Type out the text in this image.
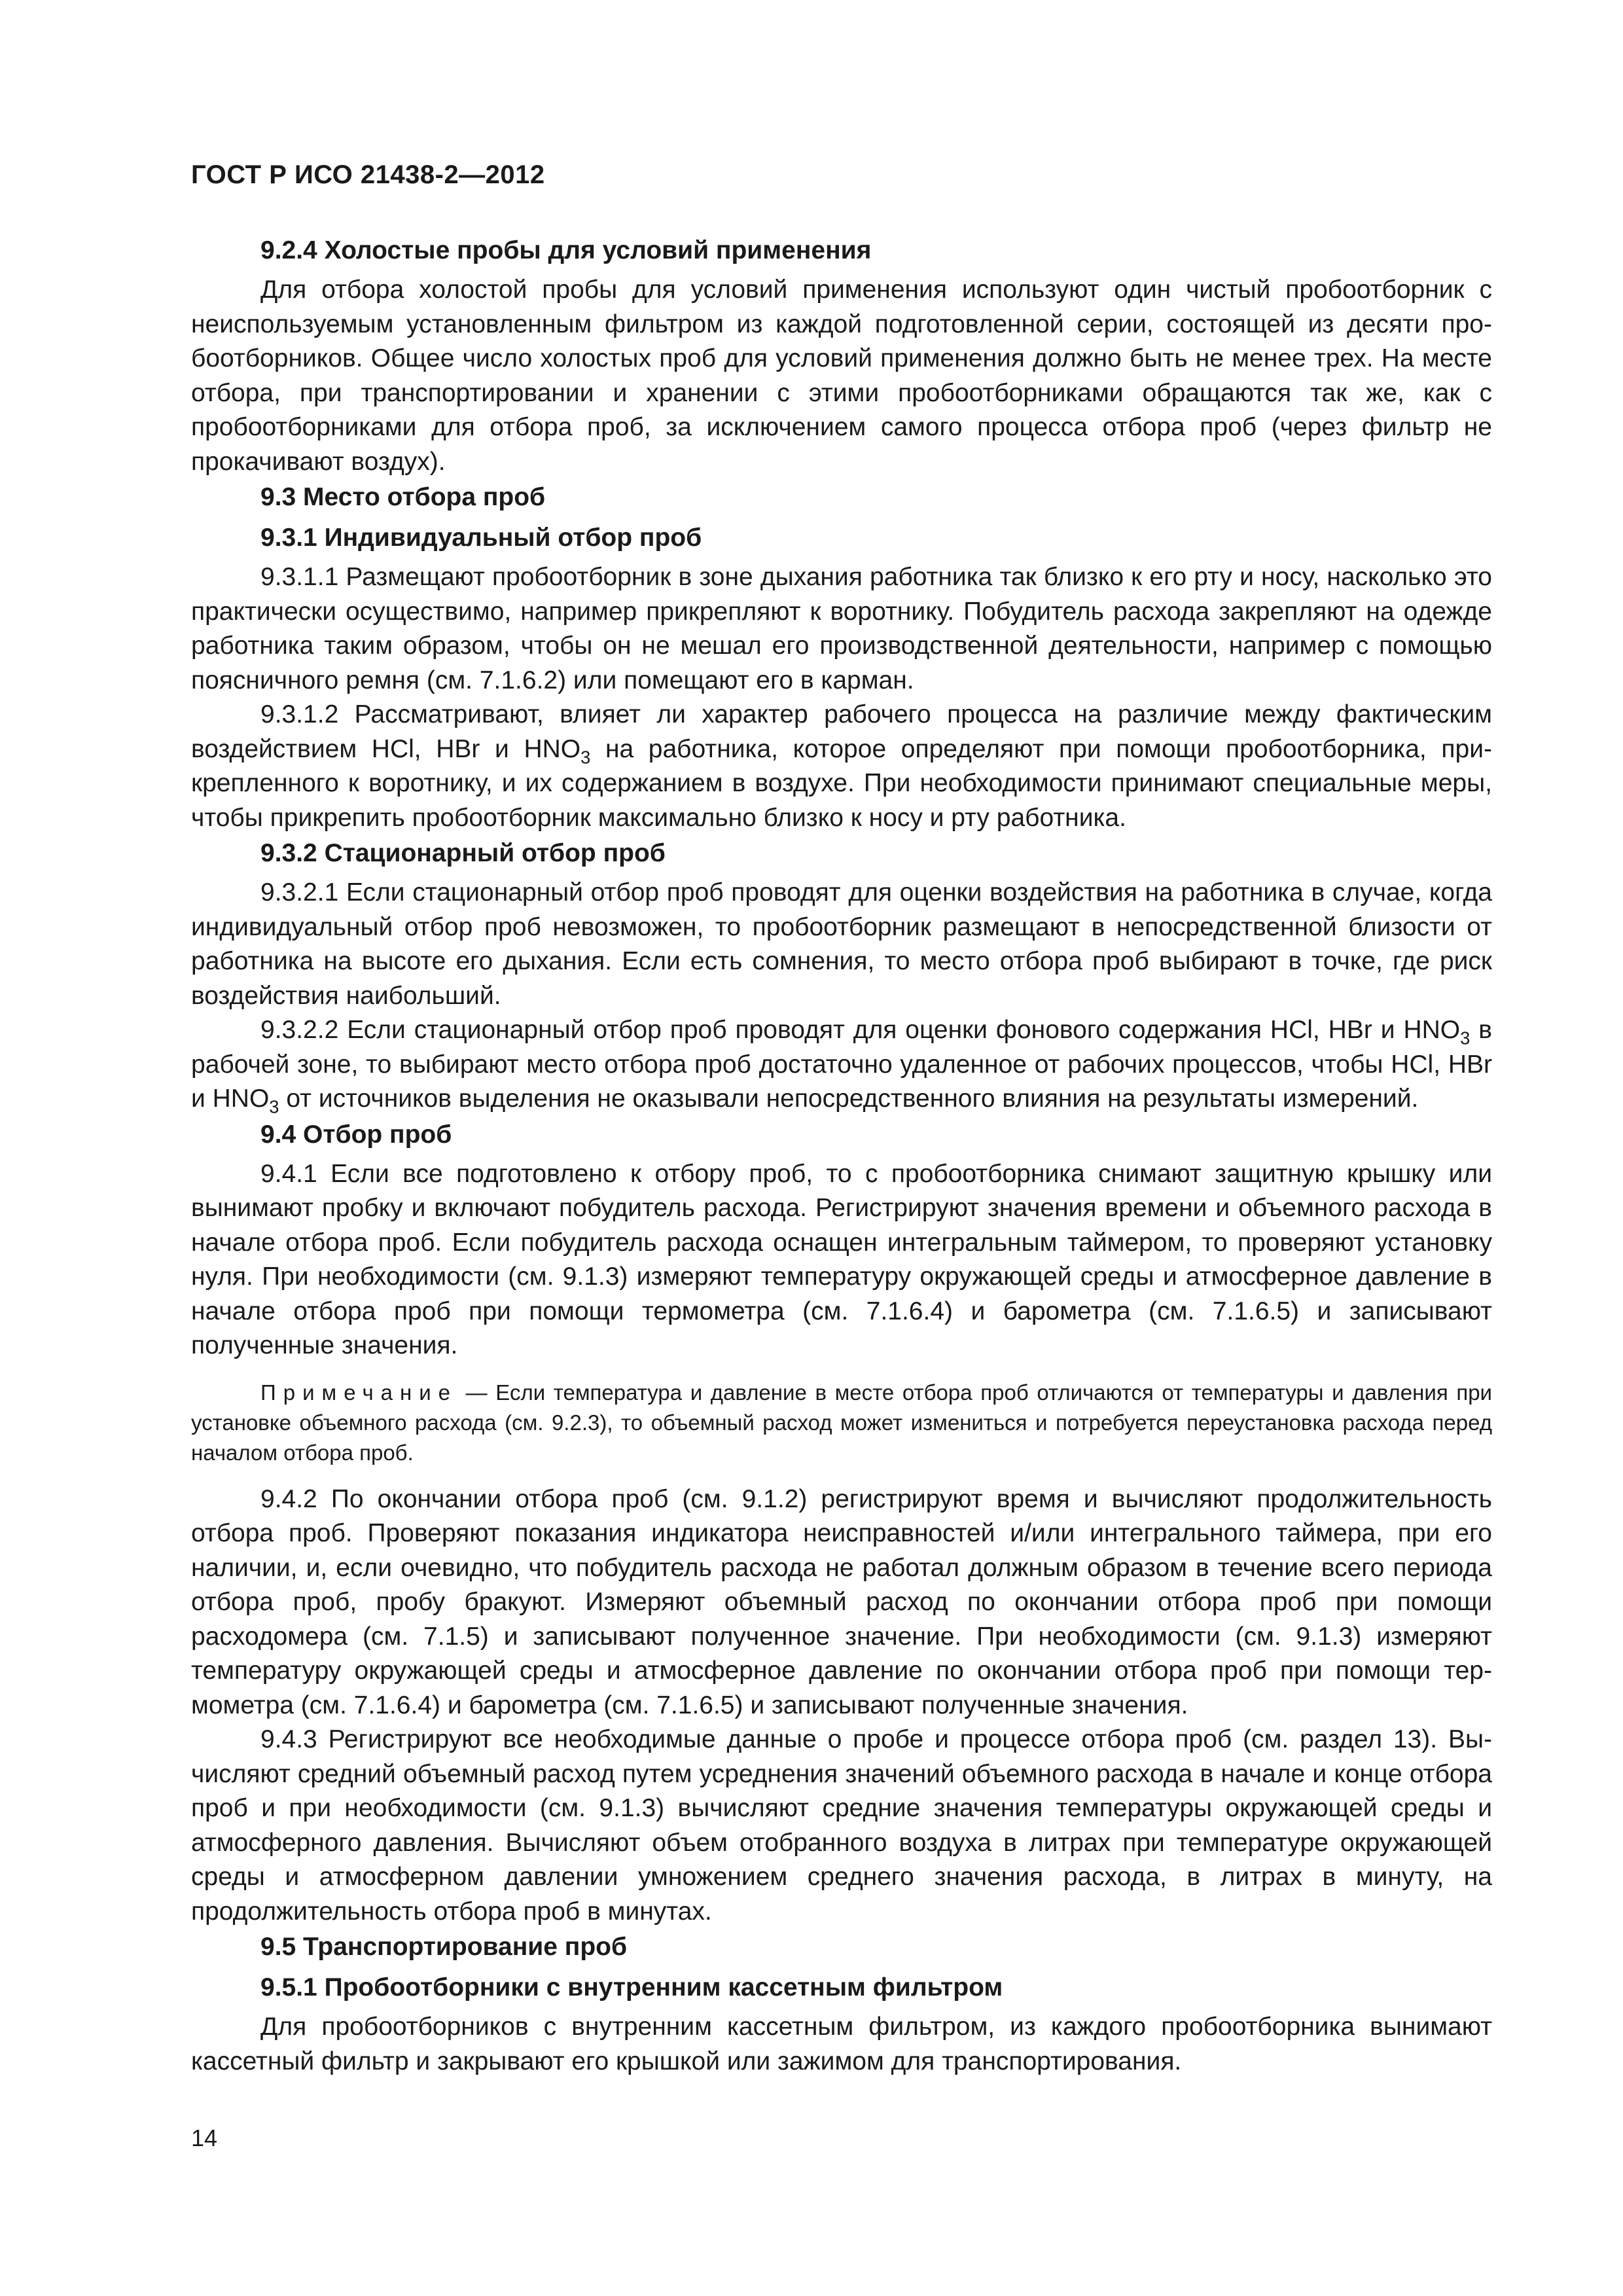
ГОСТ Р ИСО 21438-2—2012

9.2.4 Холостые пробы для условий применения

Для отбора холостой пробы для условий применения используют один чистый пробоотборник с неиспользуемым установленным фильтром из каждой подготовленной серии, состоящей из десяти пробоотборников. Общее число холостых проб для условий применения должно быть не менее трех. На месте отбора, при транспортировании и хранении с этими пробоотборниками обращаются так же, как с пробоотборниками для отбора проб, за исключением самого процесса отбора проб (через фильтр не прокачивают воздух).

9.3 Место отбора проб

9.3.1 Индивидуальный отбор проб

9.3.1.1 Размещают пробоотборник в зоне дыхания работника так близко к его рту и носу, насколько это практически осуществимо, например прикрепляют к воротнику. Побудитель расхода закрепляют на одежде работника таким образом, чтобы он не мешал его производственной деятельности, например с помощью поясничного ремня (см. 7.1.6.2) или помещают его в карман.

9.3.1.2 Рассматривают, влияет ли характер рабочего процесса на различие между фактическим воздействием HCl, HBr и $HNO_3$ на работника, которое определяют при помощи пробоотборника, прикрепленного к воротнику, и их содержанием в воздухе. При необходимости принимают специальные меры, чтобы прикрепить пробоотборник максимально близко к носу и рту работника.

9.3.2 Стационарный отбор проб

9.3.2.1 Если стационарный отбор проб проводят для оценки воздействия на работника в случае, когда индивидуальный отбор проб невозможен, то пробоотборник размещают в непосредственной близости от работника на высоте его дыхания. Если есть сомнения, то место отбора проб выбирают в точке, где риск воздействия наибольший.

9.3.2.2 Если стационарный отбор проб проводят для оценки фонового содержания HCl, HBr и $HNO_3$ в рабочей зоне, то выбирают место отбора проб достаточно удаленное от рабочих процессов, чтобы HCl, HBr и $HNO_3$ от источников выделения не оказывали непосредственного влияния на результаты измерений.

9.4 Отбор проб

9.4.1 Если все подготовлено к отбору проб, то с пробоотборника снимают защитную крышку или вынимают пробку и включают побудитель расхода. Регистрируют значения времени и объемного расхода в начале отбора проб. Если побудитель расхода оснащен интегральным таймером, то проверяют установку нуля. При необходимости (см. 9.1.3) измеряют температуру окружающей среды и атмосферное давление в начале отбора проб при помощи термометра (см. 7.1.6.4) и барометра (см. 7.1.6.5) и записывают полученные значения.

Примечание — Если температура и давление в месте отбора проб отличаются от температуры и давления при установке объемного расхода (см. 9.2.3), то объемный расход может измениться и потребуется переустановка расхода перед началом отбора проб.

9.4.2 По окончании отбора проб (см. 9.1.2) регистрируют время и вычисляют продолжительность отбора проб. Проверяют показания индикатора неисправностей и/или интегрального таймера, при его наличии, и, если очевидно, что побудитель расхода не работал должным образом в течение всего периода отбора проб, пробу бракуют. Измеряют объемный расход по окончании отбора проб при помощи расходомера (см. 7.1.5) и записывают полученное значение. При необходимости (см. 9.1.3) измеряют температуру окружающей среды и атмосферное давление по окончании отбора проб при помощи термометра (см. 7.1.6.4) и барометра (см. 7.1.6.5) и записывают полученные значения.

9.4.3 Регистрируют все необходимые данные о пробе и процессе отбора проб (см. раздел 13). Вычисляют средний объемный расход путем усреднения значений объемного расхода в начале и конце отбора проб и при необходимости (см. 9.1.3) вычисляют средние значения температуры окружающей среды и атмосферного давления. Вычисляют объем отобранного воздуха в литрах при температуре окружающей среды и атмосферном давлении умножением среднего значения расхода, в литрах в минуту, на продолжительность отбора проб в минутах.

9.5 Транспортирование проб

9.5.1 Пробоотборники с внутренним кассетным фильтром

Для пробоотборников с внутренним кассетным фильтром, из каждого пробоотборника вынимают кассетный фильтр и закрывают его крышкой или зажимом для транспортирования.

14
